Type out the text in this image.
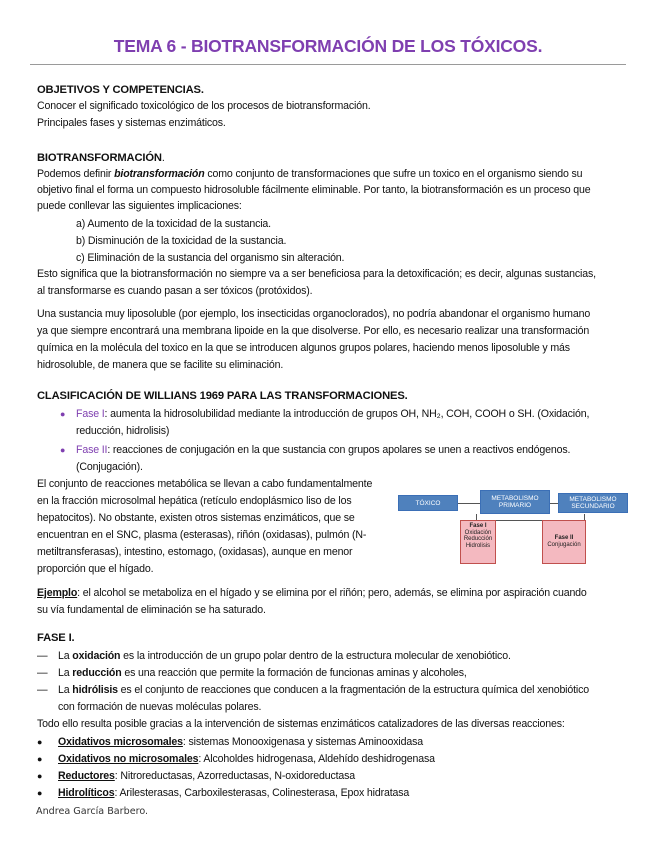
TEMA 6 - BIOTRANSFORMACIÓN DE LOS TÓXICOS.
OBJETIVOS Y COMPETENCIAS.
Conocer el significado toxicológico de los procesos de biotransformación.
Principales fases y sistemas enzimáticos.
BIOTRANSFORMACIÓN.
Podemos definir biotransformación como conjunto de transformaciones que sufre un toxico en el organismo siendo su
objetivo final el forma un compuesto hidrosoluble fácilmente eliminable. Por tanto, la biotransformación es un proceso que
puede conllevar las siguientes implicaciones:
a) Aumento de la toxicidad de la sustancia.
b) Disminución de la toxicidad de la sustancia.
c) Eliminación de la sustancia del organismo sin alteración.
Esto significa que la biotransformación no siempre va a ser beneficiosa para la detoxificación; es decir, algunas sustancias,
al transformarse es cuando pasan a ser tóxicos (protóxidos).
Una sustancia muy liposoluble (por ejemplo, los insecticidas organoclorados), no podría abandonar el organismo humano
ya que siempre encontrará una membrana lipoide en la que disolverse. Por ello, es necesario realizar una transformación
química en la molécula del toxico en la que se introducen algunos grupos polares, haciendo menos liposoluble y más
hidrosoluble, de manera que se facilite su eliminación.
CLASIFICACIÓN DE WILLIANS 1969 PARA LAS TRANSFORMACIONES.
● Fase I: aumenta la hidrosolubilidad mediante la introducción de grupos OH, NH₂, COH, COOH o SH. (Oxidación,
reducción, hidrolisis)
● Fase II: reacciones de conjugación en la que sustancia con grupos apolares se unen a reactivos endógenos.
(Conjugación).
El conjunto de reacciones metabólica se llevan a cabo fundamentalmente
en la fracción microsolmal hepática (retículo endoplásmico liso de los
hepatocitos). No obstante, existen otros sistemas enzimáticos, que se
encuentran en el SNC, plasma (esterasas), riñón (oxidasas), pulmón (N-
metiltransferasas), intestino, estomago, (oxidasas), aunque en menor
proporción que el hígado.
TÓXICO
METABOLISMO
PRIMARIO
METABOLISMO
SECUNDARIO
Fase I
Oxidación
Reducción
Hidrolisis
Fase II
Conjugación
Ejemplo: el alcohol se metaboliza en el hígado y se elimina por el riñón; pero, además, se elimina por aspiración cuando
su vía fundamental de eliminación se ha saturado.
FASE I.
— La oxidación es la introducción de un grupo polar dentro de la estructura molecular de xenobiótico.
— La reducción es una reacción que permite la formación de funcionas aminas y alcoholes,
— La hidrólisis es el conjunto de reacciones que conducen a la fragmentación de la estructura química del xenobiótico
con formación de nuevas moléculas polares.
Todo ello resulta posible gracias a la intervención de sistemas enzimáticos catalizadores de las diversas reacciones:
● Oxidativos microsomales: sistemas Monooxigenasa y sistemas Aminooxidasa
● Oxidativos no microsomales: Alcoholdes hidrogenasa, Aldehído deshidrogenasa
● Reductores: Nitroreductasas, Azorreductasas, N-oxidoreductasa
● Hidrolíticos: Arilesterasas, Carboxilesterasas, Colinesterasa, Epox hidratasa
Andrea García Barbero.
